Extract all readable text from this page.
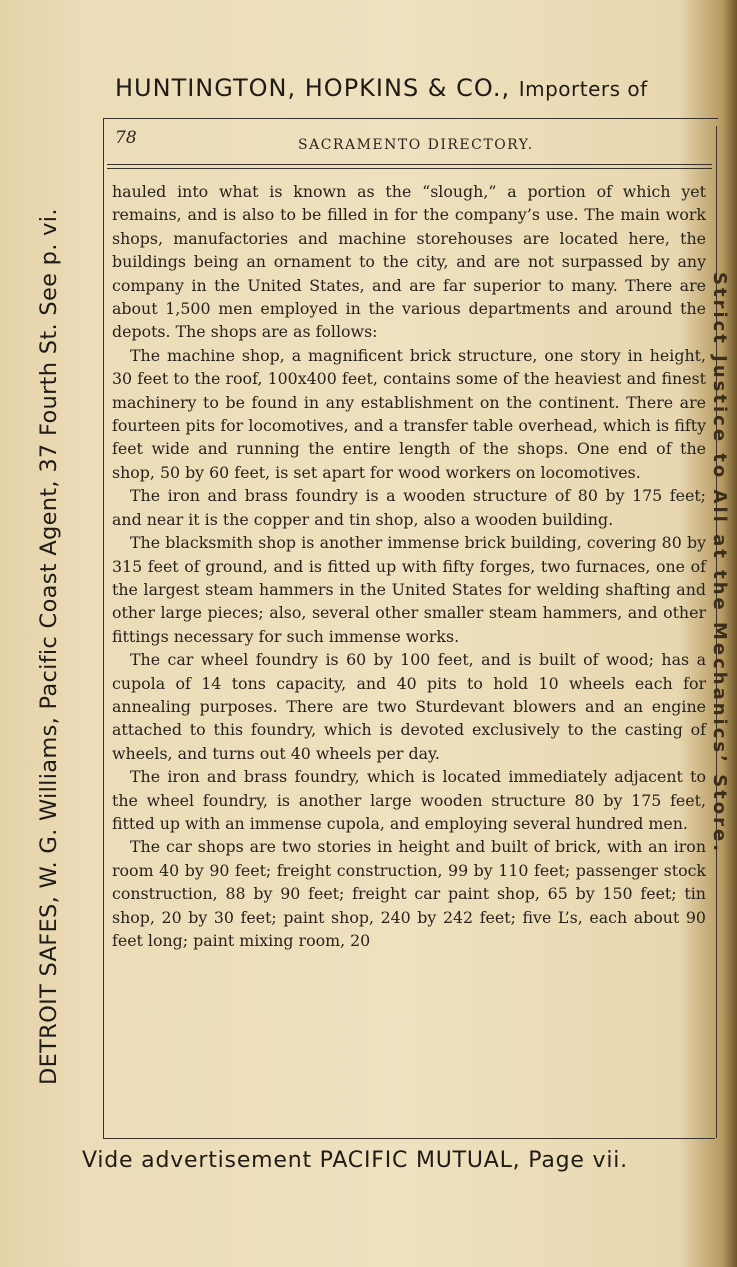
HUNTINGTON, HOPKINS & CO., Importers of
78	SACRAMENTO DIRECTORY.

hauled into what is known as the “slough,” a portion of which yet remains, and is also to be filled in for the company’s use. The main work shops, manufactories and machine storehouses are located here, the buildings being an ornament to the city, and are not surpassed by any company in the United States, and are far superior to many. There are about 1,500 men employed in the various departments and around the depots. The shops are as follows:

The machine shop, a magnificent brick structure, one story in height, 30 feet to the roof, 100x400 feet, contains some of the heaviest and finest machinery to be found in any establishment on the continent. There are fourteen pits for locomotives, and a transfer table overhead, which is fifty feet wide and running the entire length of the shops. One end of the shop, 50 by 60 feet, is set apart for wood workers on locomotives.

The iron and brass foundry is a wooden structure of 80 by 175 feet; and near it is the copper and tin shop, also a wooden building.

The blacksmith shop is another immense brick building, covering 80 by 315 feet of ground, and is fitted up with fifty forges, two furnaces, one of the largest steam hammers in the United States for welding shafting and other large pieces; also, several other smaller steam hammers, and other fittings necessary for such immense works.

The car wheel foundry is 60 by 100 feet, and is built of wood; has a cupola of 14 tons capacity, and 40 pits to hold 10 wheels each for annealing purposes. There are two Sturdevant blowers and an engine attached to this foundry, which is devoted exclusively to the casting of wheels, and turns out 40 wheels per day.

The iron and brass foundry, which is located immediately adjacent to the wheel foundry, is another large wooden structure 80 by 175 feet, fitted up with an immense cupola, and employing several hundred men.

The car shops are two stories in height and built of brick, with an iron room 40 by 90 feet; freight construction, 99 by 110 feet; passenger stock construction, 88 by 90 feet; freight car paint shop, 65 by 150 feet; tin shop, 20 by 30 feet; paint shop, 240 by 242 feet; five L’s, each about 90 feet long; paint mixing room, 20

DETROIT SAFES, W. G. Williams, Pacific Coast Agent, 37 Fourth St. See p. vi.	Strict Justice to All at the Mechanics’ Store.
Vide advertisement PACIFIC MUTUAL, Page vii.
